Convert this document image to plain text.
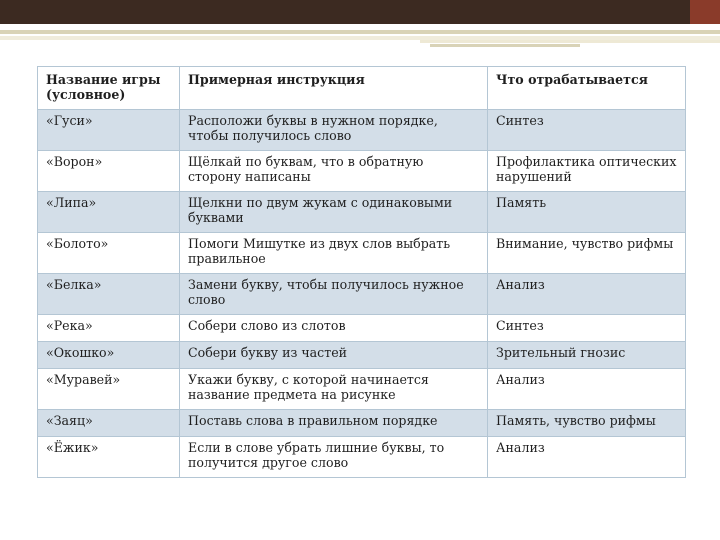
Название игры (условное)	Примерная инструкция	Что отрабатывается
«Гуси»	Расположи буквы в нужном порядке, чтобы получилось слово	Синтез
«Ворон»	Щёлкай по буквам, что в обратную сторону написаны	Профилактика оптических нарушений
«Липа»	Щелкни по двум жукам с одинаковыми буквами	Память
«Болото»	Помоги Мишутке из двух слов выбрать правильное	Внимание, чувство рифмы
«Белка»	Замени букву, чтобы получилось нужное слово	Анализ
«Река»	Собери слово из слотов	Синтез
«Окошко»	Собери букву из частей	Зрительный гнозис
«Муравей»	Укажи букву, с которой начинается название предмета на рисунке	Анализ
«Заяц»	Поставь слова в правильном порядке	Память, чувство рифмы
«Ёжик»	Если в слове убрать лишние буквы, то получится другое слово	Анализ
